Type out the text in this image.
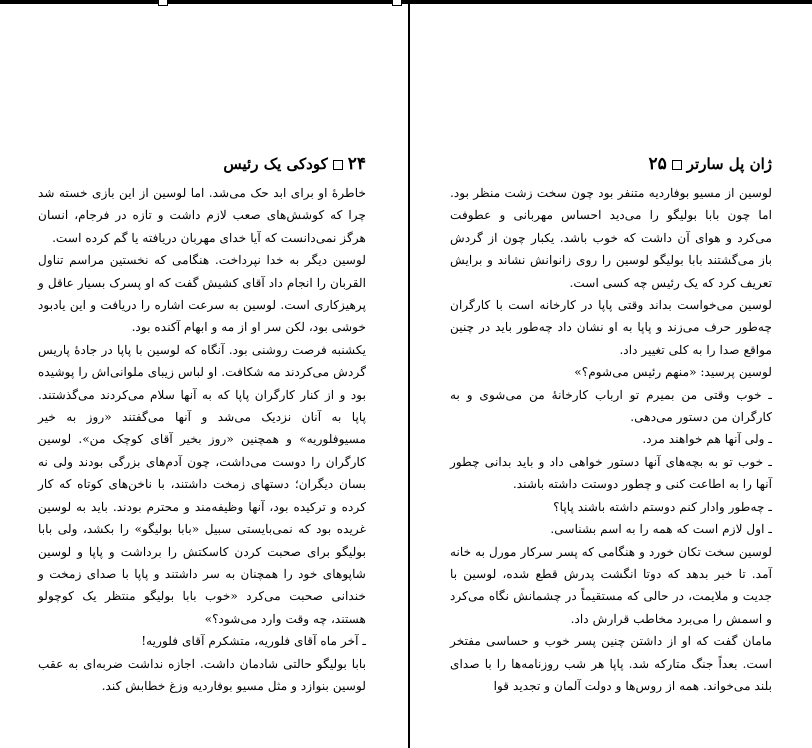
۲۴کودکی یک رئیس

خاطرهٔ او برای ابد حک می‌شد. اما لوسین از این بازی خسته شد چرا که کوشش‌های صعب لازم داشت و تازه در فرجام، انسان هرگز نمی‌دانست که آیا خدای مهربان دریافته یا گم کرده است.

لوسین دیگر به خدا نپرداخت. هنگامی که نخستین مراسم تناول القربان را انجام داد آقای کشیش گفت که او پسرک بسیار عاقل و پرهیزکاری است. لوسین به سرعت اشاره را دریافت و این یادبود خوشی بود، لکن سر او از مه و ابهام آکنده بود.

یکشنبه فرصت روشنی بود. آنگاه که لوسین با پاپا در جادهٔ پاریس گردش می‌کردند مه شکافت. او لباس زیبای ملوانی‌اش را پوشیده بود و از کنار کارگران پاپا که به آنها سلام می‌کردند می‌گذشتند. پاپا به آنان نزدیک می‌شد و آنها می‌گفتند «روز به خیر مسیوفلوریه» و همچنین «روز بخیر آقای کوچک من». لوسین کارگران را دوست می‌داشت، چون آدم‌های بزرگی بودند ولی نه بسان دیگران؛ دستهای زمخت داشتند، با ناخن‌های کوتاه که کار کرده و ترکیده بود، آنها وظیفه‌مند و محترم بودند. باید به لوسین غریده بود که نمی‌بایستی سبیل «بابا بولیگو» را بکشد، ولی بابا بولیگو برای صحبت کردن کاسکتش را برداشت و پاپا و لوسین شاپوهای خود را همچنان به سر داشتند و پاپا با صدای زمخت و خندانی صحبت می‌کرد «خوب بابا بولیگو منتظر یک کوچولو هستند، چه وقت وارد می‌شود؟»

ـ آخر ماه آقای فلوریه، متشکرم آقای فلوریه!

بابا بولیگو حالتی شادمان داشت. اجازه نداشت ضربه‌ای به عقب لوسین بنوازد و مثل مسیو بوفاردیه وزغ خطابش کند.

ژان پل سارتر۲۵

لوسین از مسیو بوفاردیه متنفر بود چون سخت زشت منظر بود. اما چون بابا بولیگو را می‌دید احساس مهربانی و عطوفت می‌کرد و هوای آن داشت که خوب باشد. یکبار چون از گردش باز می‌گشتند بابا بولیگو لوسین را روی زانوانش نشاند و برایش تعریف کرد که یک رئیس چه کسی است.

لوسین می‌خواست بداند وقتی پاپا در کارخانه است با کارگران چه‌طور حرف می‌زند و پاپا به او نشان داد چه‌طور باید در چنین مواقع صدا را به کلی تغییر داد.

لوسین پرسید: «منهم رئیس می‌شوم؟»

ـ خوب وقتی من بمیرم تو ارباب کارخانهٔ من می‌شوی و به کارگران من دستور می‌دهی.

ـ ولی آنها هم خواهند مرد.

ـ خوب تو به بچه‌های آنها دستور خواهی داد و باید بدانی چطور آنها را به اطاعت کنی و چطور دوستت داشته باشند.

ـ چه‌طور وادار کنم دوستم داشته باشند پاپا؟

ـ اول لازم است که همه را به اسم بشناسی.

لوسین سخت تکان خورد و هنگامی که پسر سرکار مورل به خانه آمد. تا خبر بدهد که دوتا انگشت پدرش قطع شده، لوسین با جدیت و ملایمت، در حالی که مستقیماً در چشمانش نگاه می‌کرد و اسمش را می‌برد مخاطب قرارش داد.

مامان گفت که او از داشتن چنین پسر خوب و حساسی مفتخر است. بعداً جنگ متارکه شد. پاپا هر شب روزنامه‌ها را با صدای بلند می‌خواند. همه از روس‌ها و دولت آلمان و تجدید قوا
